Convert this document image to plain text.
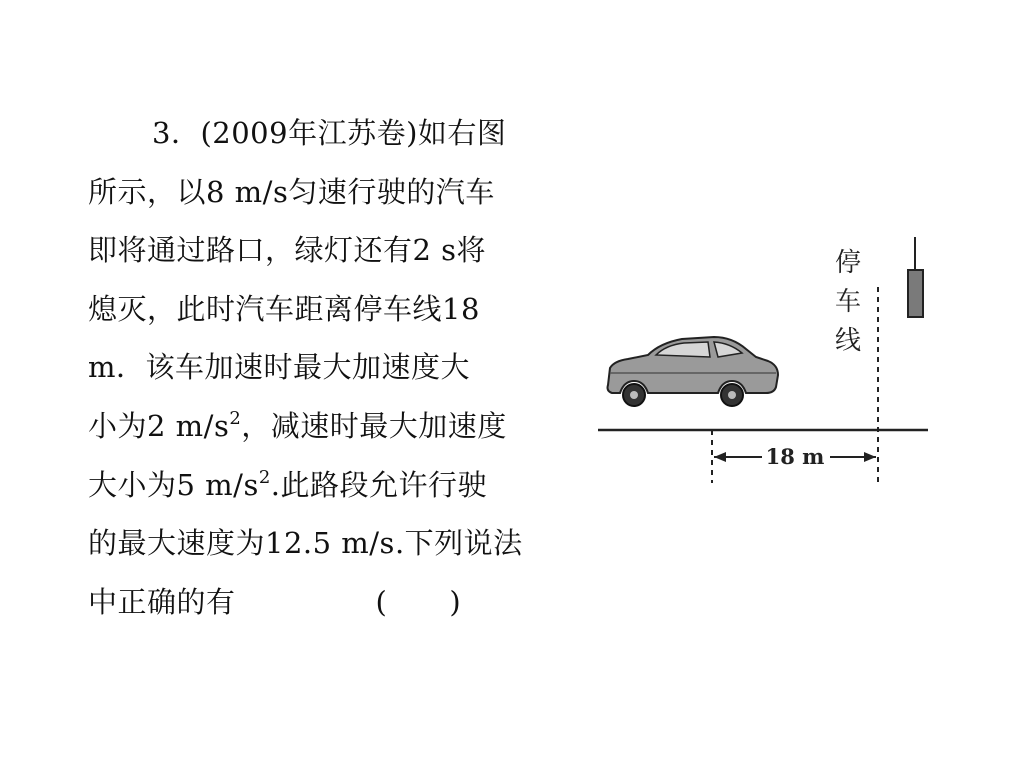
3．(2009年江苏卷)如右图
所示，以8 m/s匀速行驶的汽车
即将通过路口，绿灯还有2 s将
熄灭，此时汽车距离停车线18
m．该车加速时最大加速度大
小为2 $m/s^2$，减速时最大加速度
大小为5 $m/s^2$.此路段允许行驶
的最大速度为12.5 m/s.下列说法
中正确的有	( )
18 m
停
车
线
